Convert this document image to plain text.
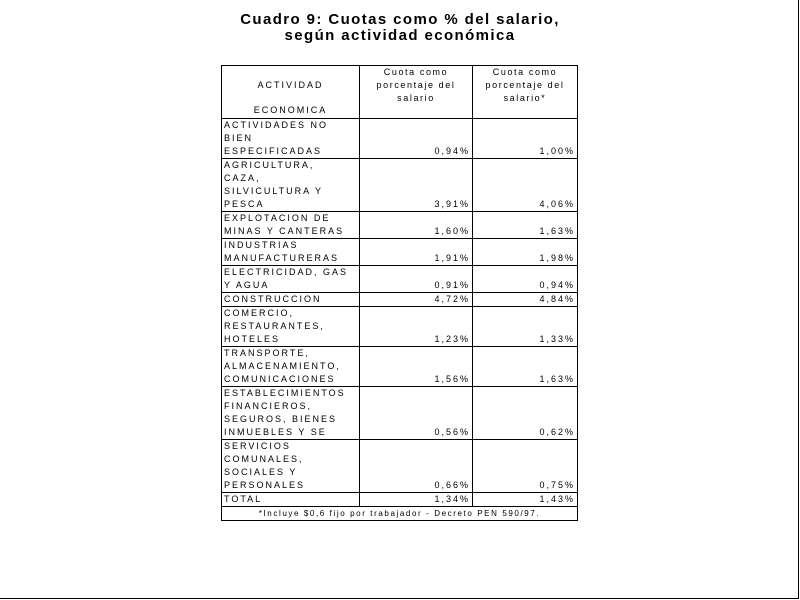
Cuadro 9: Cuotas como % del salario,
según actividad económica
ACTIVIDAD
ECONOMICA	Cuota como porcentaje del salario	Cuota como porcentaje del salario*
ACTIVIDADES NO
BIEN
ESPECIFICADAS	0,94%	1,00%
AGRICULTURA,
CAZA,
SILVICULTURA Y
PESCA	3,91%	4,06%
EXPLOTACION DE
MINAS Y CANTERAS	1,60%	1,63%
INDUSTRIAS
MANUFACTURERAS	1,91%	1,98%
ELECTRICIDAD, GAS
Y AGUA	0,91%	0,94%
CONSTRUCCION	4,72%	4,84%
COMERCIO,
RESTAURANTES,
HOTELES	1,23%	1,33%
TRANSPORTE,
ALMACENAMIENTO,
COMUNICACIONES	1,56%	1,63%
ESTABLECIMIENTOS
FINANCIEROS,
SEGUROS, BIENES
INMUEBLES Y SE	0,56%	0,62%
SERVICIOS
COMUNALES,
SOCIALES Y
PERSONALES	0,66%	0,75%
TOTAL	1,34%	1,43%
*Incluye $0,6 fijo por trabajador - Decreto PEN 590/97.		
